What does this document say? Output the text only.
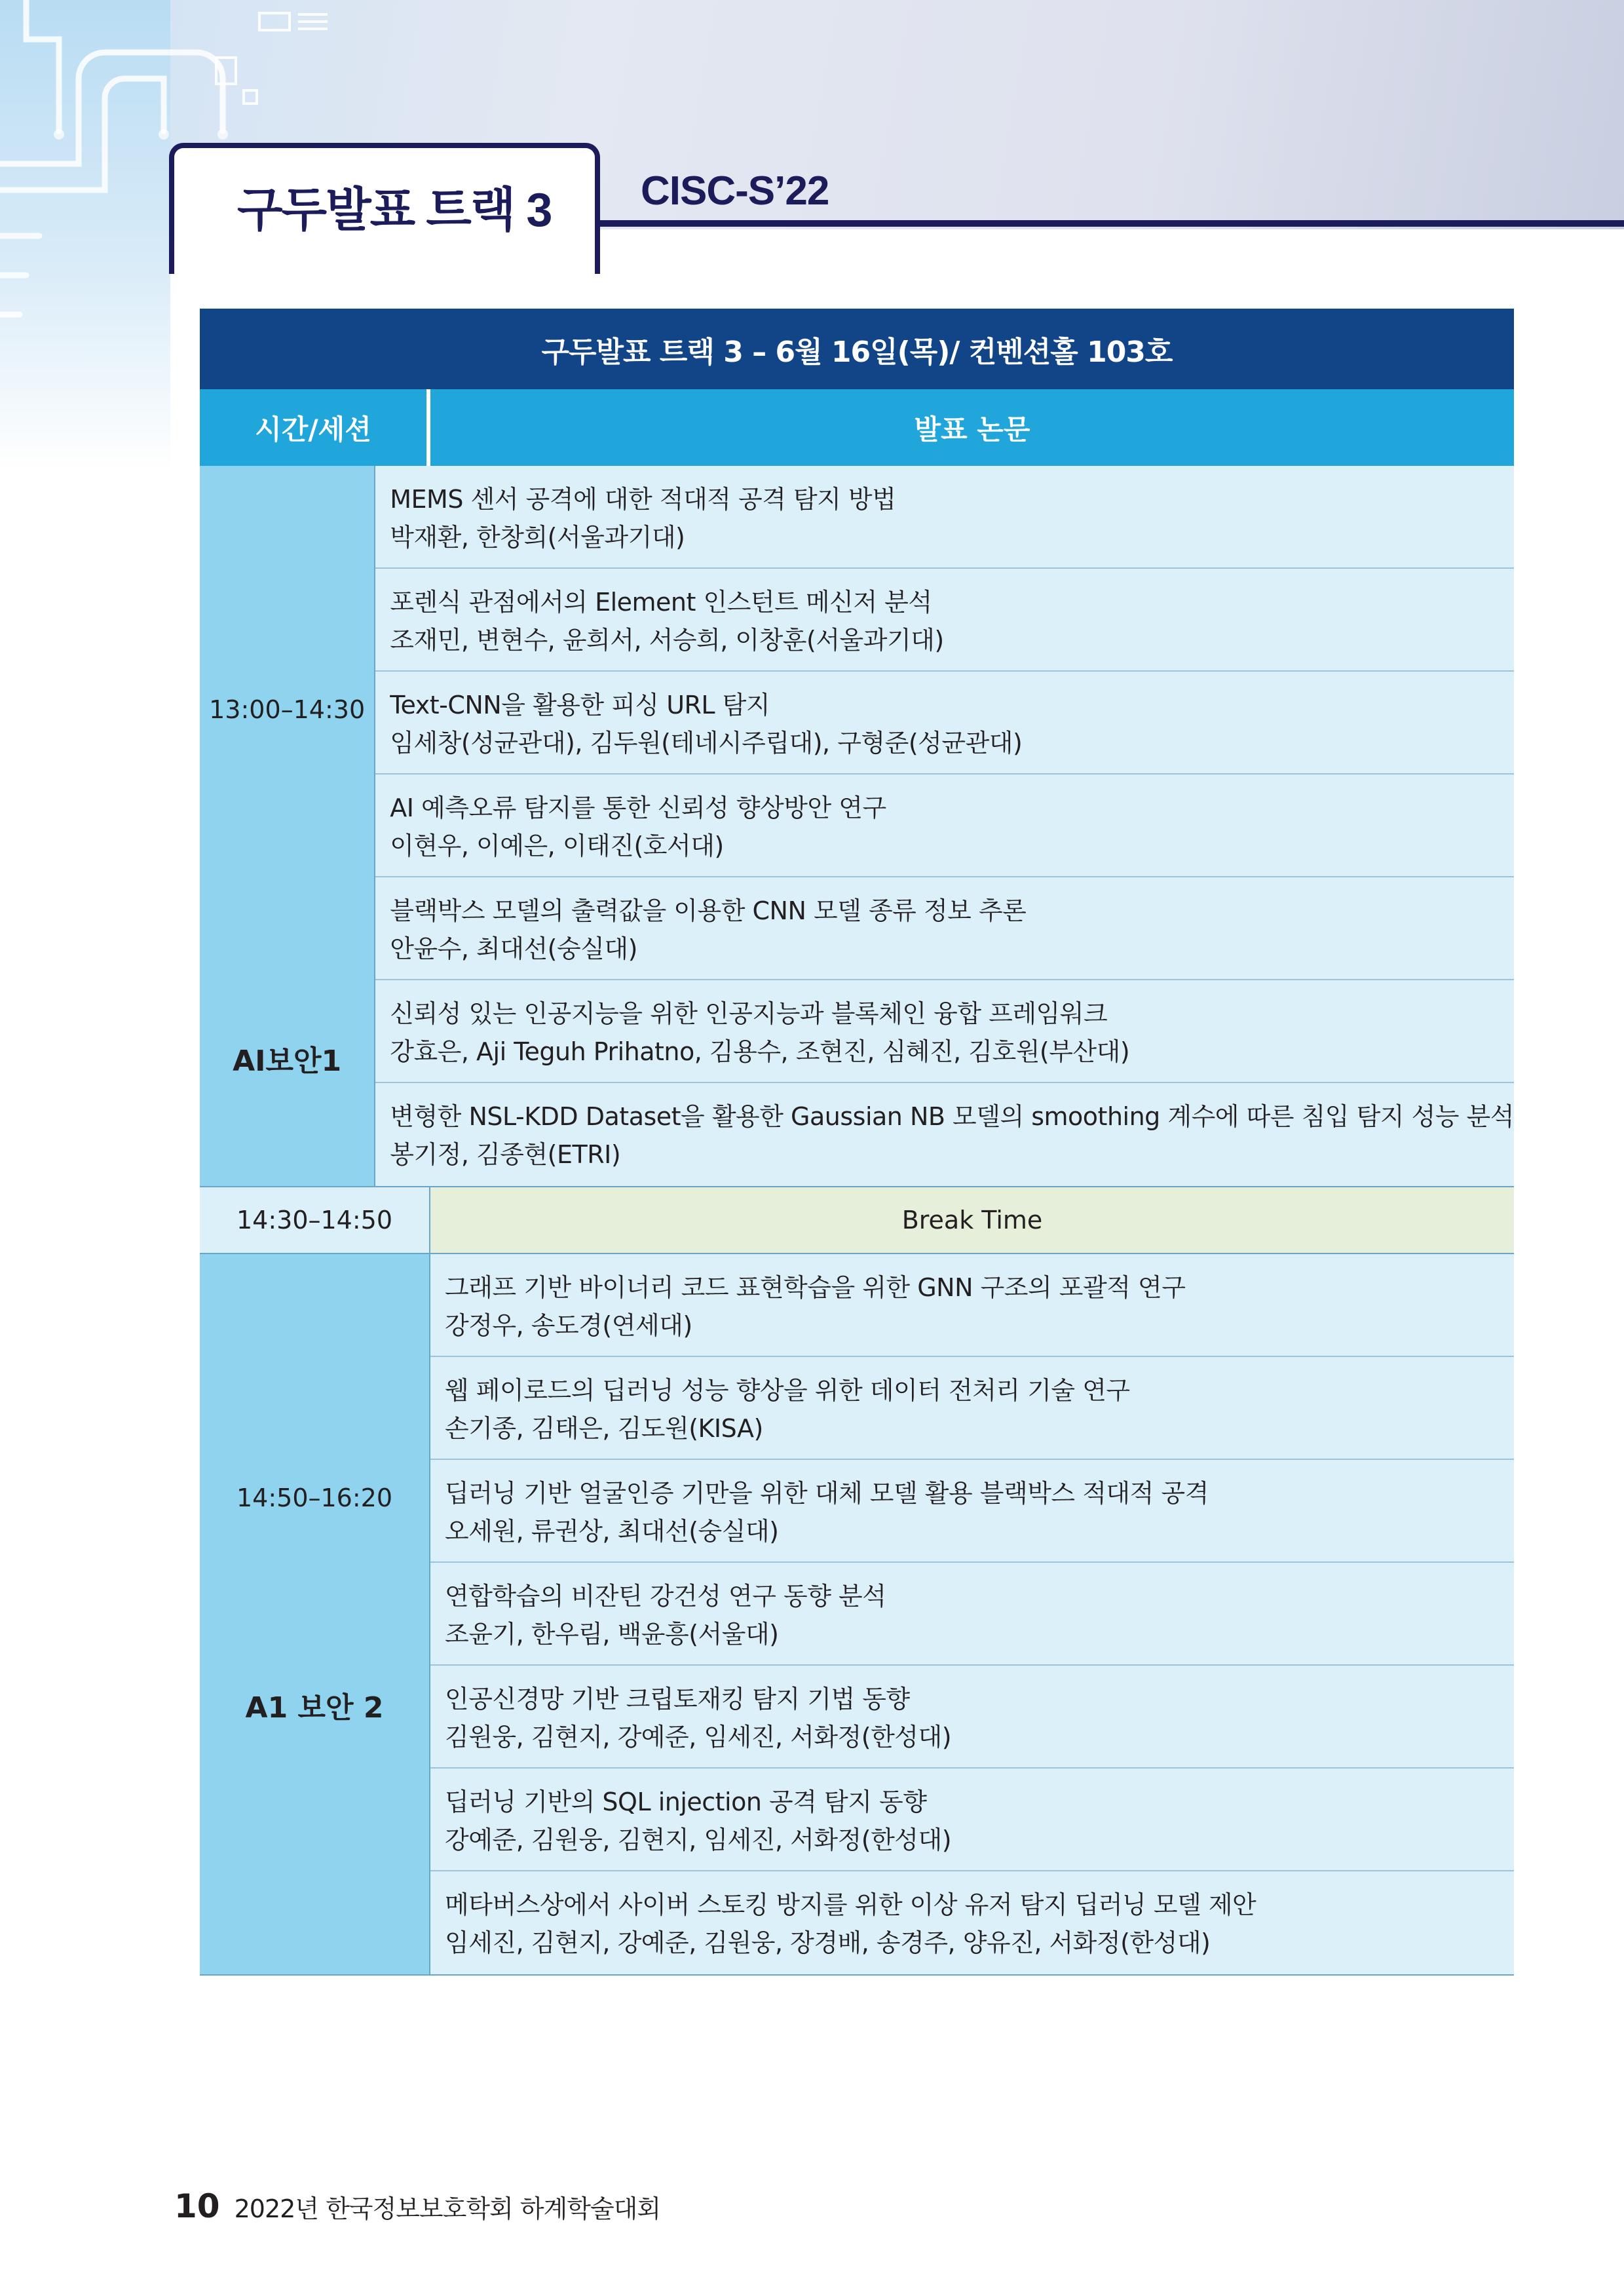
구두발표 트랙 3 CISC-S’22
구두발표 트랙 3 – 6월 16일(목)/ 컨벤션홀 103호
시간/세션	발표 논문
13:00–14:30
AI보안1
MEMS 센서 공격에 대한 적대적 공격 탐지 방법
박재환, 한창희(서울과기대)
포렌식 관점에서의 Element 인스턴트 메신저 분석
조재민, 변현수, 윤희서, 서승희, 이창훈(서울과기대)
Text-CNN을 활용한 피싱 URL 탐지
임세창(성균관대), 김두원(테네시주립대), 구형준(성균관대)
AI 예측오류 탐지를 통한 신뢰성 향상방안 연구
이현우, 이예은, 이태진(호서대)
블랙박스 모델의 출력값을 이용한 CNN 모델 종류 정보 추론
안윤수, 최대선(숭실대)
신뢰성 있는 인공지능을 위한 인공지능과 블록체인 융합 프레임워크
강효은, Aji Teguh Prihatno, 김용수, 조현진, 심혜진, 김호원(부산대)
변형한 NSL-KDD Dataset을 활용한 Gaussian NB 모델의 smoothing 계수에 따른 침입 탐지 성능 분석
봉기정, 김종현(ETRI)
14:30–14:50	Break Time
14:50–16:20
A1 보안 2
그래프 기반 바이너리 코드 표현학습을 위한 GNN 구조의 포괄적 연구
강정우, 송도경(연세대)
웹 페이로드의 딥러닝 성능 향상을 위한 데이터 전처리 기술 연구
손기종, 김태은, 김도원(KISA)
딥러닝 기반 얼굴인증 기만을 위한 대체 모델 활용 블랙박스 적대적 공격
오세원, 류권상, 최대선(숭실대)
연합학습의 비잔틴 강건성 연구 동향 분석
조윤기, 한우림, 백윤흥(서울대)
인공신경망 기반 크립토재킹 탐지 기법 동향
김원웅, 김현지, 강예준, 임세진, 서화정(한성대)
딥러닝 기반의 SQL injection 공격 탐지 동향
강예준, 김원웅, 김현지, 임세진, 서화정(한성대)
메타버스상에서 사이버 스토킹 방지를 위한 이상 유저 탐지 딥러닝 모델 제안
임세진, 김현지, 강예준, 김원웅, 장경배, 송경주, 양유진, 서화정(한성대)
10 2022년 한국정보보호학회 하계학술대회
